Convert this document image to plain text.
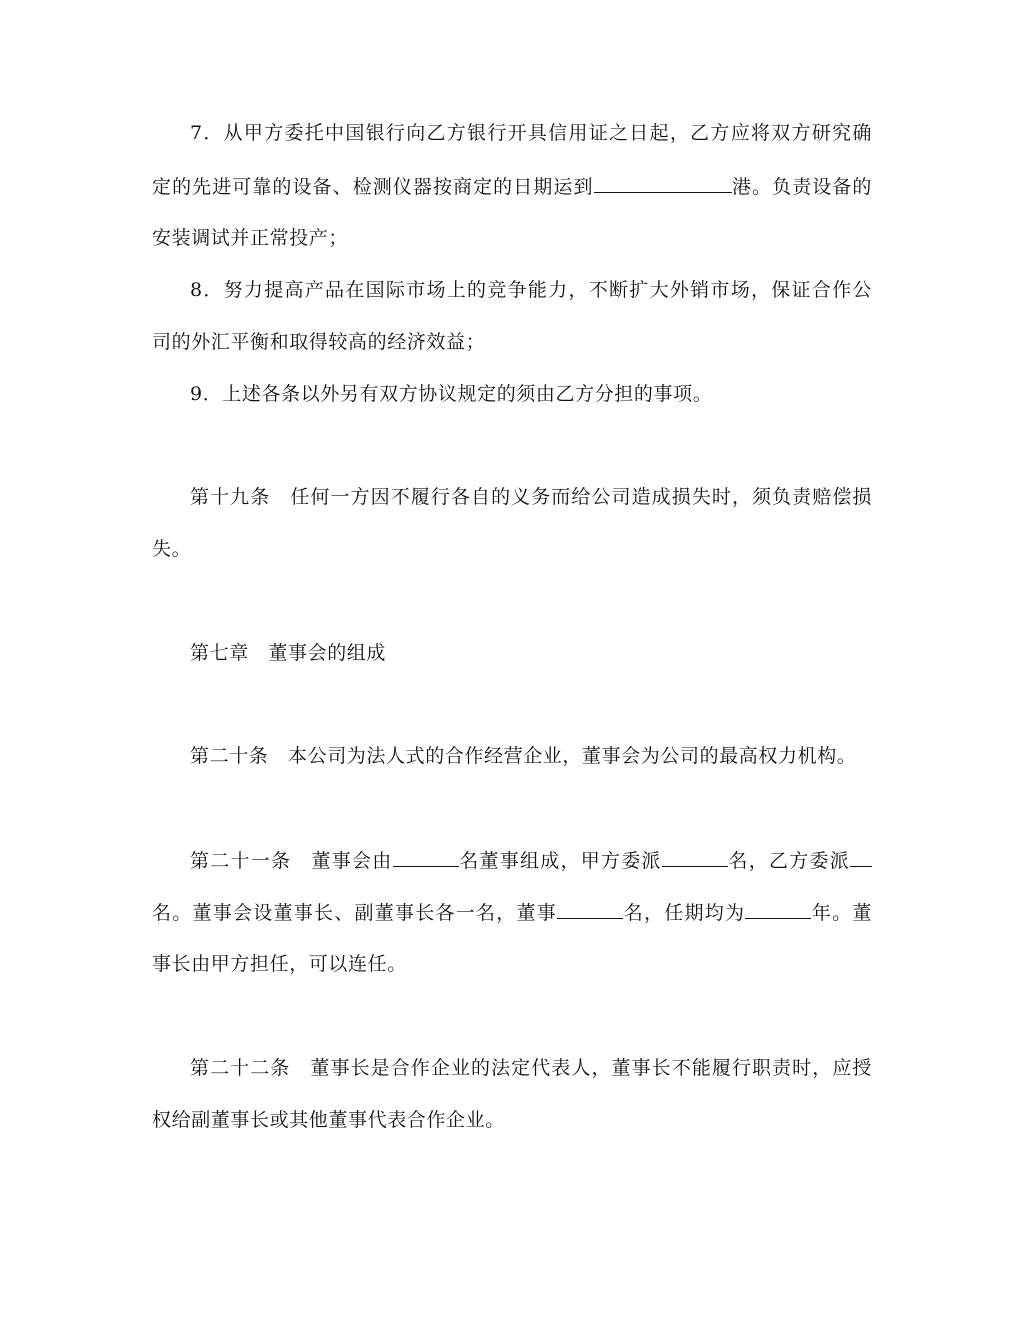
7．从甲方委托中国银行向乙方银行开具信用证之日起，乙方应将双方研究确
定的先进可靠的设备、检测仪器按商定的日期运到	港。负责设备的
安装调试并正常投产；
8．努力提高产品在国际市场上的竞争能力，不断扩大外销市场，保证合作公
司的外汇平衡和取得较高的经济效益；
9．上述各条以外另有双方协议规定的须由乙方分担的事项。
第十九条　任何一方因不履行各自的义务而给公司造成损失时，须负责赔偿损
失。
第七章　董事会的组成
第二十条　本公司为法人式的合作经营企业，董事会为公司的最高权力机构。
第二十一条　董事会由	名董事组成，甲方委派	名，乙方委派
名。董事会设董事长、副董事长各一名，董事	名，任期均为	年。董
事长由甲方担任，可以连任。
第二十二条　董事长是合作企业的法定代表人，董事长不能履行职责时，应授
权给副董事长或其他董事代表合作企业。
